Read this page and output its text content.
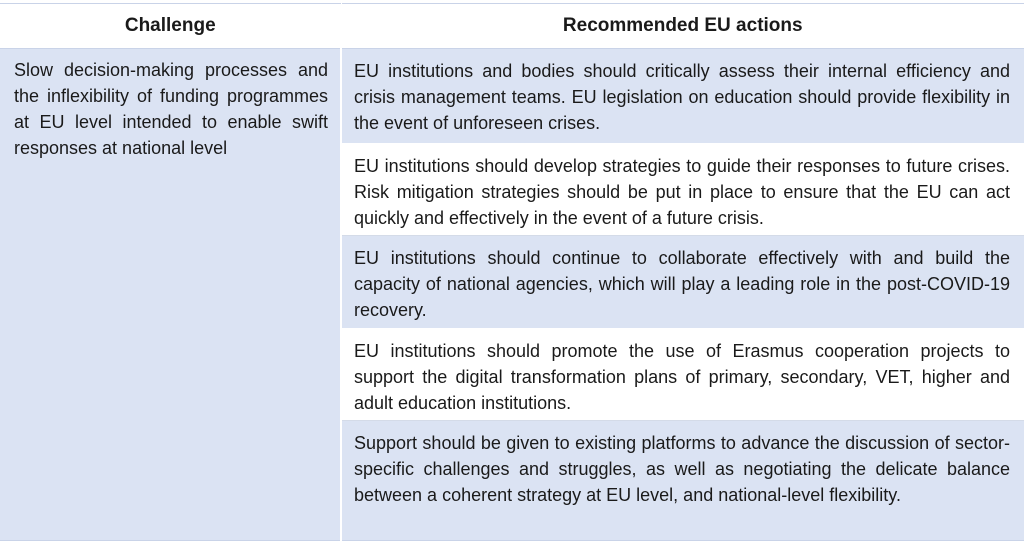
Challenge	Recommended EU actions
Slow decision-making processes and the inflexibility of funding programmes at EU level intended to enable swift responses at national level	EU institutions and bodies should critically assess their internal efficiency and crisis management teams. EU legislation on education should provide flexibility in the event of unforeseen crises.
	EU institutions should develop strategies to guide their responses to future crises. Risk mitigation strategies should be put in place to ensure that the EU can act quickly and effectively in the event of a future crisis.
	EU institutions should continue to collaborate effectively with and build the capacity of national agencies, which will play a leading role in the post-COVID-19 recovery.
	EU institutions should promote the use of Erasmus cooperation projects to support the digital transformation plans of primary, secondary, VET, higher and adult education institutions.
	Support should be given to existing platforms to advance the discussion of sector-specific challenges and struggles, as well as negotiating the delicate balance between a coherent strategy at EU level, and national-level flexibility.
